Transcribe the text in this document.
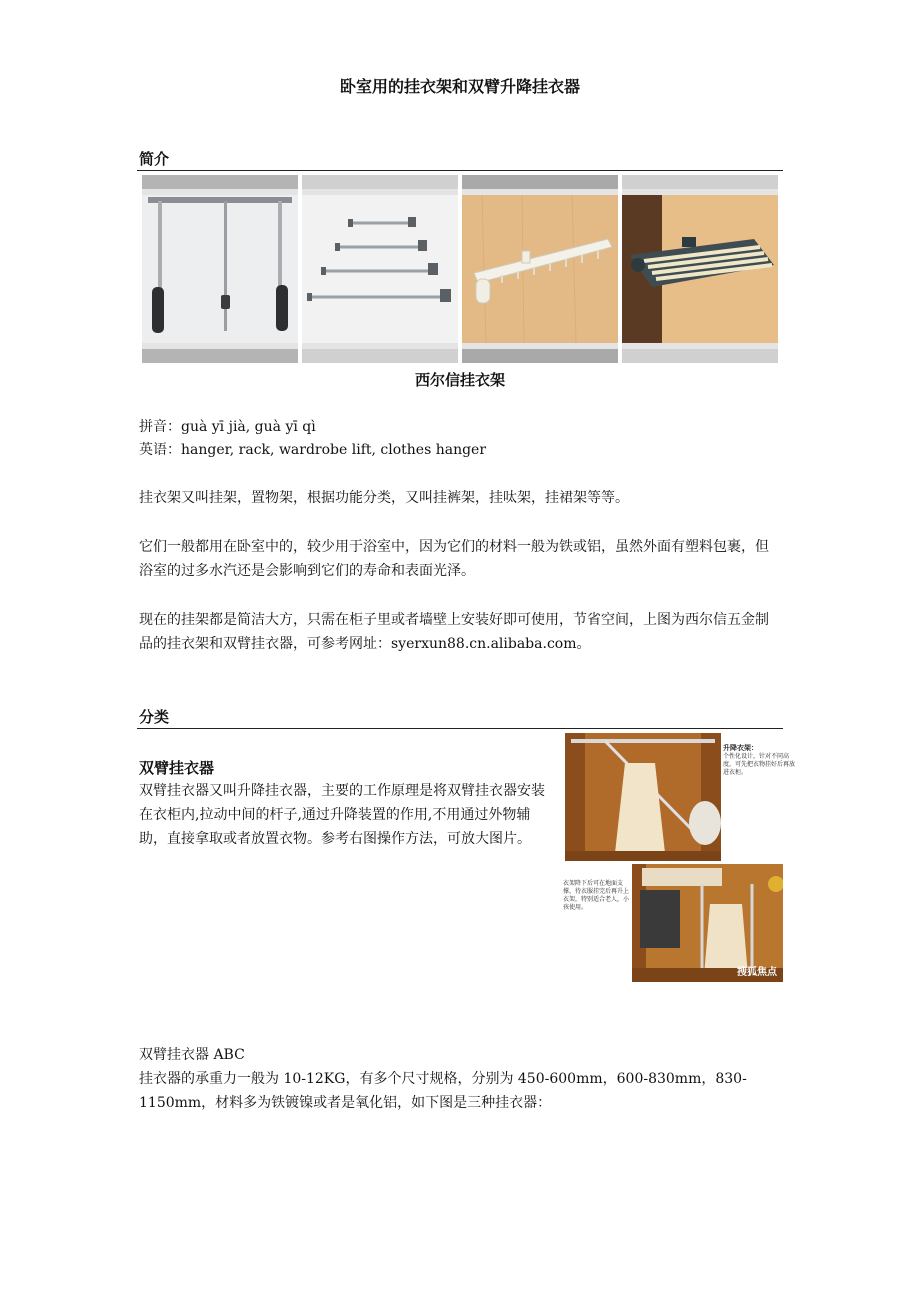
卧室用的挂衣架和双臂升降挂衣器
简介
西尔信挂衣架

拼音：guà yī jià, guà yī qì

英语：hanger, rack, wardrobe lift, clothes hanger

挂衣架又叫挂架，置物架，根据功能分类，又叫挂裤架，挂呔架，挂裙架等等。

它们一般都用在卧室中的，较少用于浴室中，因为它们的材料一般为铁或铝，虽然外面有塑料包裹，但浴室的过多水汽还是会影响到它们的寿命和表面光泽。

现在的挂架都是简洁大方，只需在柜子里或者墙壁上安装好即可使用，节省空间，上图为西尔信五金制品的挂衣架和双臂挂衣器，可参考网址：syerxun88.cn.alibaba.com。

分类
双臂挂衣器

双臂挂衣器又叫升降挂衣器，主要的工作原理是将双臂挂衣器安装在衣柜内,拉动中间的杆子,通过升降装置的作用,不用通过外物辅助，直接拿取或者放置衣物。参考右图操作方法，可放大图片。

升降衣架：
个性化设计，针对不同高度，可先把衣物挂好后再放进衣柜。
衣架降下后可在地面支撑，待衣服挂完后再升上衣架，特别适合老人，小孩使用。
搜狐焦点

双臂挂衣器 ABC

挂衣器的承重力一般为 10-12KG，有多个尺寸规格，分别为 450-600mm，600-830mm，830-1150mm，材料多为铁镀镍或者是氧化铝，如下图是三种挂衣器：
